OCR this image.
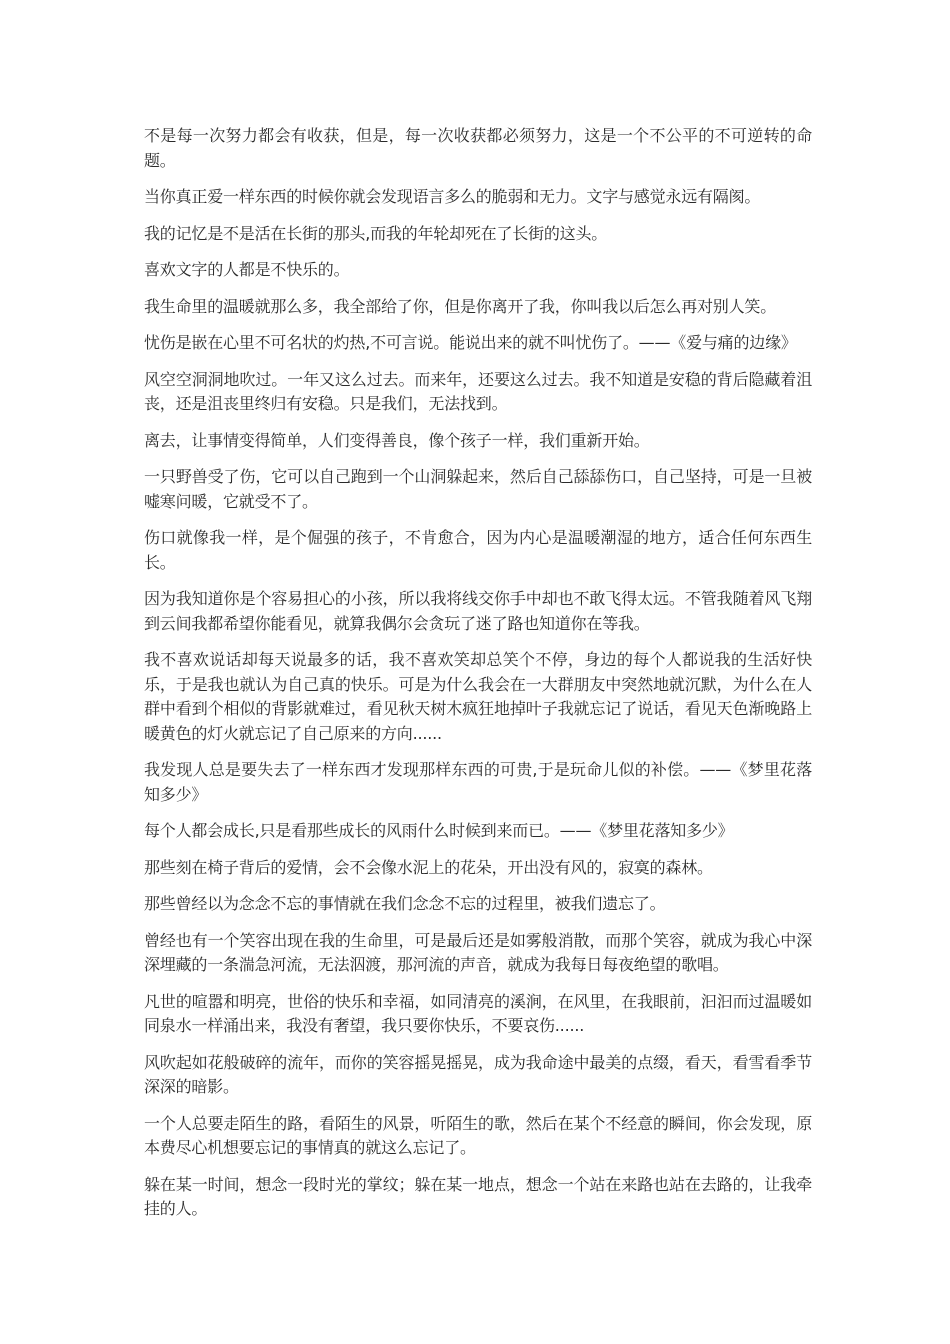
不是每一次努力都会有收获，但是，每一次收获都必须努力，这是一个不公平的不可逆转的命题。

当你真正爱一样东西的时候你就会发现语言多么的脆弱和无力。文字与感觉永远有隔阂。

我的记忆是不是活在长街的那头,而我的年轮却死在了长街的这头。

喜欢文字的人都是不快乐的。

我生命里的温暖就那么多，我全部给了你，但是你离开了我，你叫我以后怎么再对别人笑。

忧伤是嵌在心里不可名状的灼热,不可言说。能说出来的就不叫忧伤了。——《爱与痛的边缘》

风空空洞洞地吹过。一年又这么过去。而来年，还要这么过去。我不知道是安稳的背后隐藏着沮丧，还是沮丧里终归有安稳。只是我们，无法找到。

离去，让事情变得简单，人们变得善良，像个孩子一样，我们重新开始。

一只野兽受了伤，它可以自己跑到一个山洞躲起来，然后自己舔舔伤口，自己坚持，可是一旦被嘘寒问暖，它就受不了。

伤口就像我一样，是个倔强的孩子，不肯愈合，因为内心是温暖潮湿的地方，适合任何东西生长。

因为我知道你是个容易担心的小孩，所以我将线交你手中却也不敢飞得太远。不管我随着风飞翔到云间我都希望你能看见，就算我偶尔会贪玩了迷了路也知道你在等我。

我不喜欢说话却每天说最多的话，我不喜欢笑却总笑个不停，身边的每个人都说我的生活好快乐，于是我也就认为自己真的快乐。可是为什么我会在一大群朋友中突然地就沉默，为什么在人群中看到个相似的背影就难过，看见秋天树木疯狂地掉叶子我就忘记了说话，看见天色渐晚路上暖黄色的灯火就忘记了自己原来的方向......

我发现人总是要失去了一样东西才发现那样东西的可贵,于是玩命儿似的补偿。——《梦里花落知多少》

每个人都会成长,只是看那些成长的风雨什么时候到来而已。——《梦里花落知多少》

那些刻在椅子背后的爱情，会不会像水泥上的花朵，开出没有风的，寂寞的森林。

那些曾经以为念念不忘的事情就在我们念念不忘的过程里，被我们遗忘了。

曾经也有一个笑容出现在我的生命里，可是最后还是如雾般消散，而那个笑容，就成为我心中深深埋藏的一条湍急河流，无法泅渡，那河流的声音，就成为我每日每夜绝望的歌唱。

凡世的喧嚣和明亮，世俗的快乐和幸福，如同清亮的溪涧，在风里，在我眼前，汩汩而过温暖如同泉水一样涌出来，我没有奢望，我只要你快乐，不要哀伤......

风吹起如花般破碎的流年，而你的笑容摇晃摇晃，成为我命途中最美的点缀，看天，看雪看季节深深的暗影。

一个人总要走陌生的路，看陌生的风景，听陌生的歌，然后在某个不经意的瞬间，你会发现，原本费尽心机想要忘记的事情真的就这么忘记了。

躲在某一时间，想念一段时光的掌纹；躲在某一地点，想念一个站在来路也站在去路的，让我牵挂的人。
